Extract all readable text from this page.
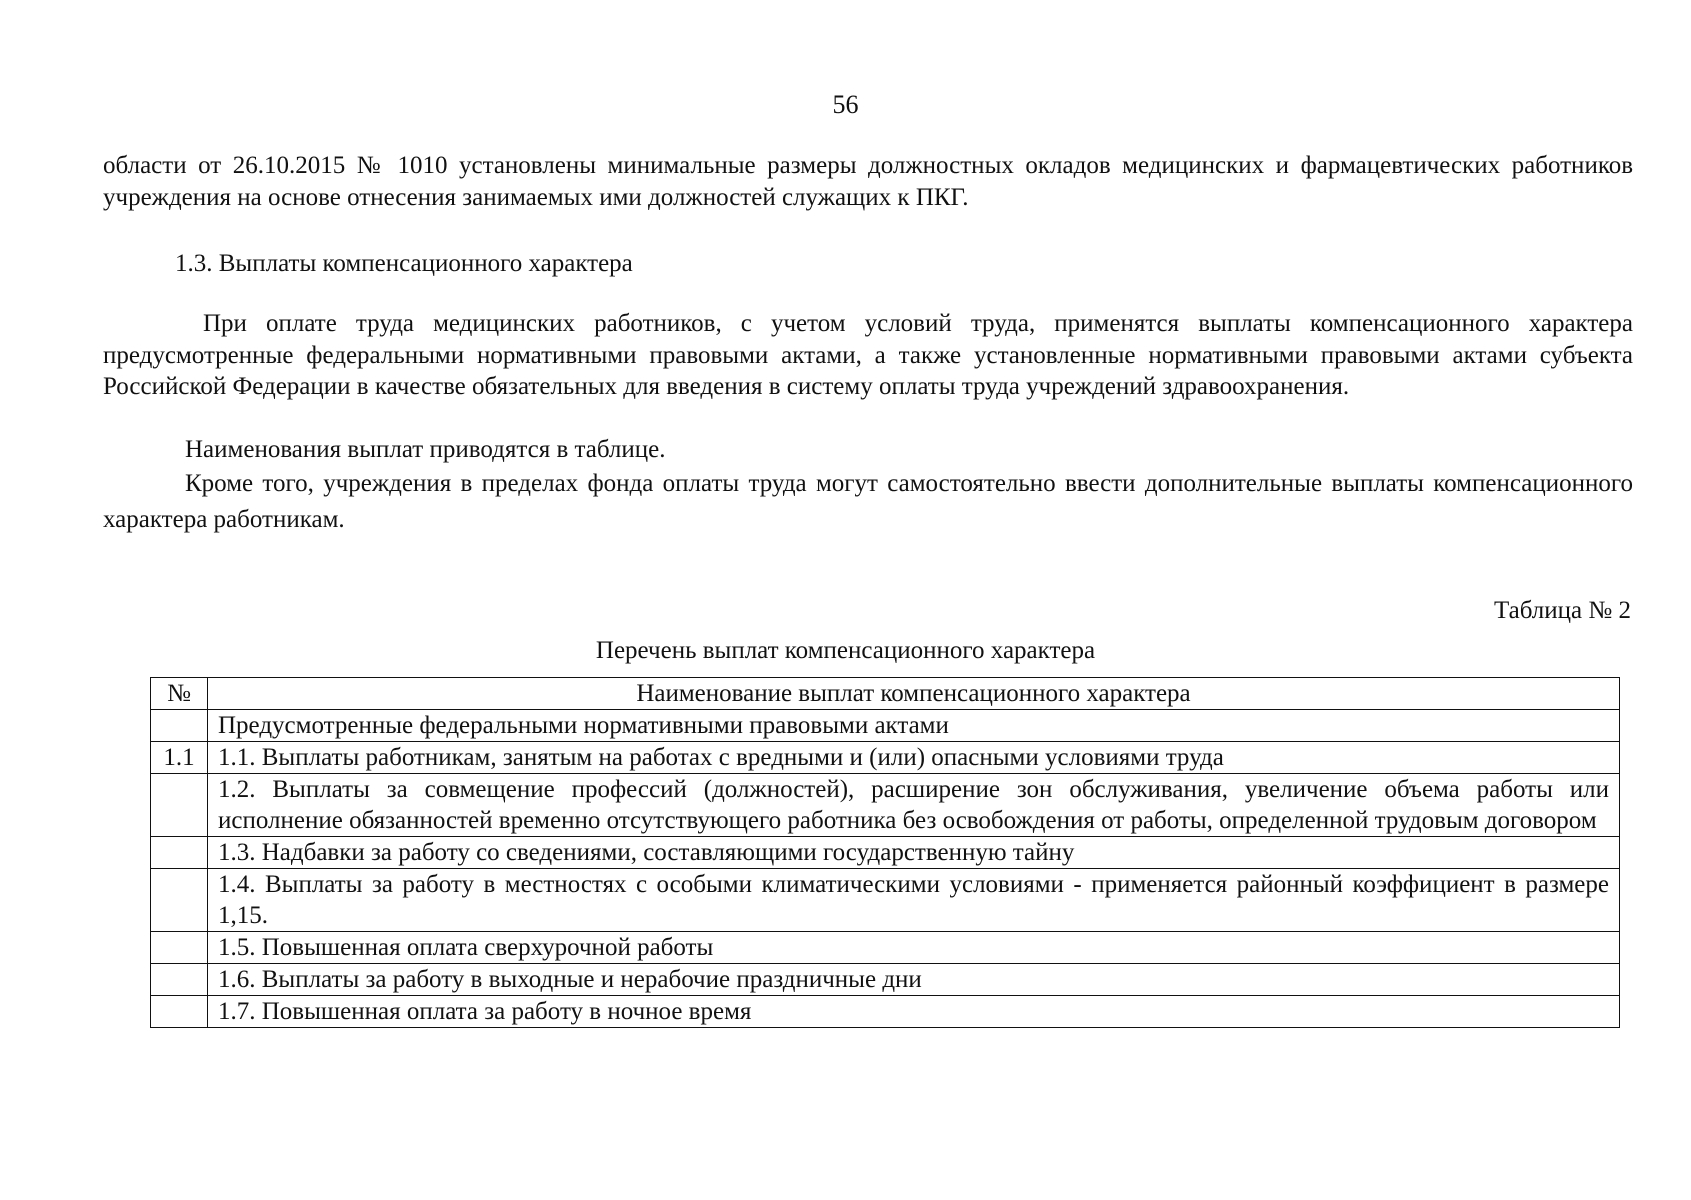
56

области от 26.10.2015 № 1010 установлены минимальные размеры должностных окладов медицинских и фармацевтических работников учреждения на основе отнесения занимаемых ими должностей служащих к ПКГ.

1.3. Выплаты компенсационного характера

При оплате труда медицинских работников, с учетом условий труда, применятся выплаты компенсационного характера предусмотренные федеральными нормативными правовыми актами, а также установленные нормативными правовыми актами субъекта Российской Федерации в качестве обязательных для введения в систему оплаты труда учреждений здравоохранения.

Наименования выплат приводятся в таблице.

Кроме того, учреждения в пределах фонда оплаты труда могут самостоятельно ввести дополнительные выплаты компенсационного характера работникам.

Таблица № 2
Перечень выплат компенсационного характера
№	Наименование выплат компенсационного характера
	Предусмотренные федеральными нормативными правовыми актами
1.1	1.1. Выплаты работникам, занятым на работах с вредными и (или) опасными условиями труда
	1.2. Выплаты за совмещение профессий (должностей), расширение зон обслуживания, увеличение объема работы или исполнение обязанностей временно отсутствующего работника без освобождения от работы, определенной трудовым договором
	1.3. Надбавки за работу со сведениями, составляющими государственную тайну
	1.4. Выплаты за работу в местностях с особыми климатическими условиями - применяется районный коэффициент в размере 1,15.
	1.5. Повышенная оплата сверхурочной работы
	1.6. Выплаты за работу в выходные и нерабочие праздничные дни
	1.7. Повышенная оплата за работу в ночное время
